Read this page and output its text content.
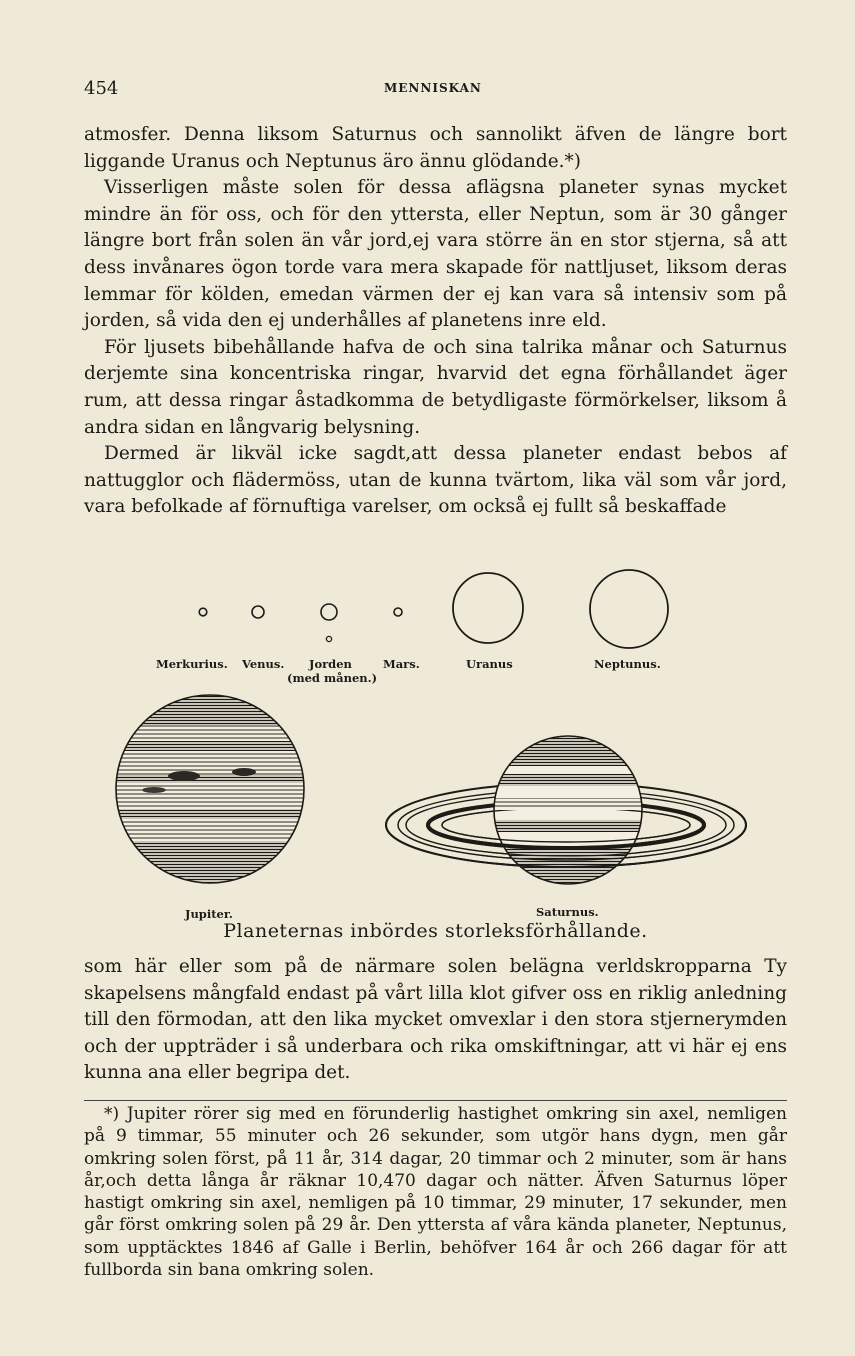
454	MENNISKAN

atmosfer. Denna liksom Saturnus och sannolikt äfven de längre bort liggande Uranus och Neptunus äro ännu glödande.*)

Visserligen måste solen för dessa aflägsna planeter synas mycket mindre än för oss, och för den yttersta, eller Neptun, som är 30 gånger längre bort från solen än vår jord,ej vara större än en stor stjerna, så att dess invånares ögon torde vara mera skapade för nattljuset, liksom deras lemmar för kölden, emedan värmen der ej kan vara så intensiv som på jorden, så vida den ej underhålles af planetens inre eld.

För ljusets bibehållande hafva de och sina talrika månar och Saturnus derjemte sina koncentriska ringar, hvarvid det egna förhållandet äger rum, att dessa ringar åstadkomma de betydligaste förmörkelser, liksom å andra sidan en långvarig belysning.

Dermed är likväl icke sagdt,att dessa planeter endast bebos af nattugglor och flädermöss, utan de kunna tvärtom, lika väl som vår jord, vara befolkade af förnuftiga varelser, om också ej fullt så beskaffade

Merkurius. Venus. Jorden
(med månen.)
Mars.	Uranus	Neptunus.
Jupiter.	Saturnus.
Planeternas inbördes storleksförhållande.

som här eller som på de närmare solen belägna verldskropparna Ty skapelsens mångfald endast på vårt lilla klot gifver oss en riklig anledning till den förmodan, att den lika mycket omvexlar i den stora stjernerymden och der uppträder i så underbara och rika omskiftningar, att vi här ej ens kunna ana eller begripa det.

*) Jupiter rörer sig med en förunderlig hastighet omkring sin axel, nemligen på 9 timmar, 55 minuter och 26 sekunder, som utgör hans dygn, men går omkring solen först, på 11 år, 314 dagar, 20 timmar och 2 minuter, som är hans år,och detta långa år räknar 10,470 dagar och nätter. Äfven Saturnus löper hastigt omkring sin axel, nemligen på 10 timmar, 29 minuter, 17 sekunder, men går först omkring solen på 29 år. Den yttersta af våra kända planeter, Neptunus, som upptäcktes 1846 af Galle i Berlin, behöfver 164 år och 266 dagar för att fullborda sin bana omkring solen.
